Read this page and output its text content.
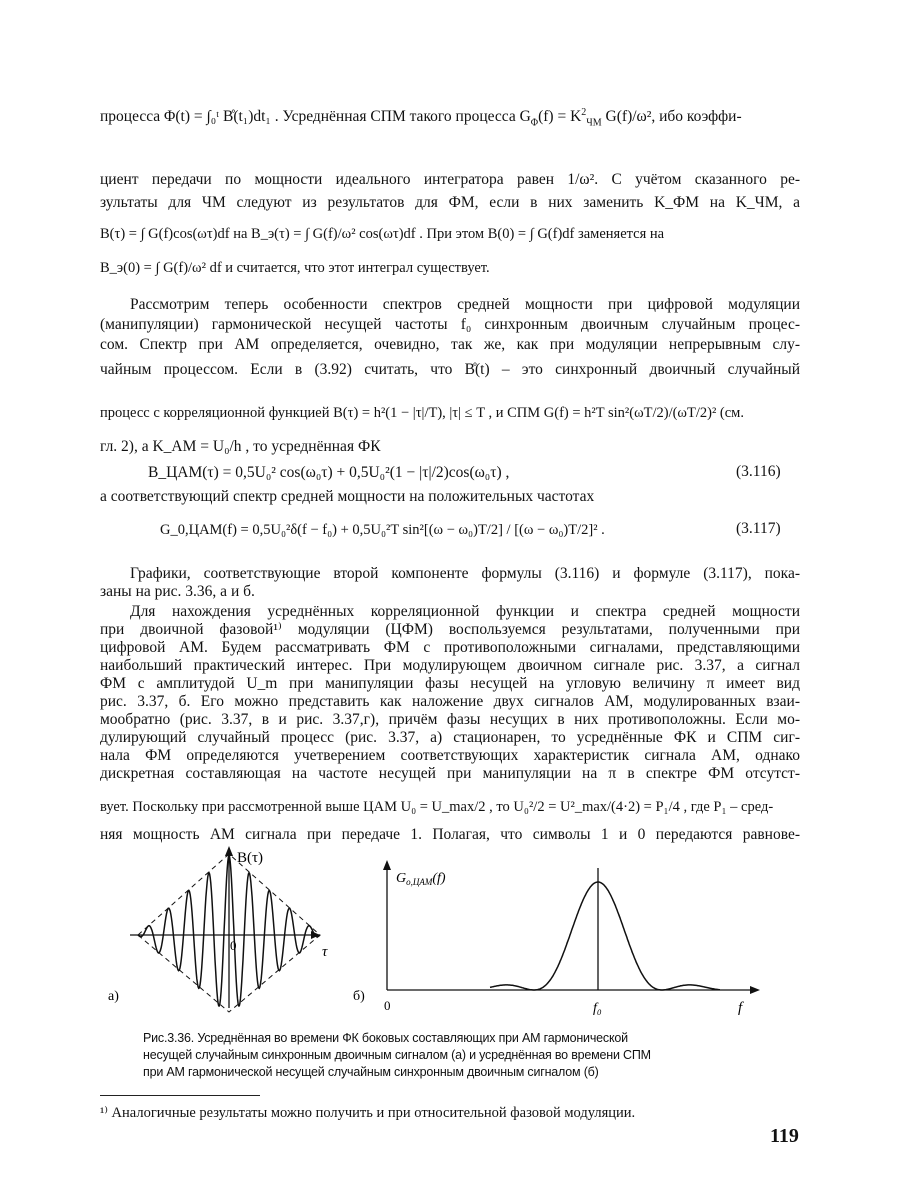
процесса Φ(t) = ∫₀ᵗ B̊(t₁)dt₁ . Усреднённая СПМ такого процесса $G_\Phi(f) = K^2_{ЧМ}$ G(f)/ω², ибо коэффи-
циент передачи по мощности идеального интегратора равен 1/ω². С учётом сказанного ре-
зультаты для ЧМ следуют из результатов для ФМ, если в них заменить K_ФМ на K_ЧМ, а
B(τ) = ∫ G(f)cos(ωτ)df на B_э(τ) = ∫ G(f)/ω² cos(ωτ)df . При этом B(0) = ∫ G(f)df заменяется на
B_э(0) = ∫ G(f)/ω² df и считается, что этот интеграл существует.
Рассмотрим теперь особенности спектров средней мощности при цифровой модуляции
(манипуляции) гармонической несущей частоты f₀ синхронным двоичным случайным процес-
сом. Спектр при АМ определяется, очевидно, так же, как при модуляции непрерывным слу-
чайным процессом. Если в (3.92) считать, что B̊(t) – это синхронный двоичный случайный
процесс с корреляционной функцией B(τ) = h²(1 − |τ|/T), |τ| ≤ T , и СПМ G(f) = h²T sin²(ωT/2)/(ωT/2)² (см.
гл. 2), а K_АМ = U₀/h , то усреднённая ФК
B_ЦАМ(τ) = 0,5U₀² cos(ω₀τ) + 0,5U₀²(1 − |τ|/2)cos(ω₀τ) ,	(3.116)
а соответствующий спектр средней мощности на положительных частотах
G_0,ЦАМ(f) = 0,5U₀²δ(f − f₀) + 0,5U₀²T sin²[(ω − ω₀)T/2] / [(ω − ω₀)T/2]² .	(3.117)
Графики, соответствующие второй компоненте формулы (3.116) и формуле (3.117), пока-
заны на рис. 3.36, а и б.
Для нахождения усреднённых корреляционной функции и спектра средней мощности
при двоичной фазовой¹⁾ модуляции (ЦФМ) воспользуемся результатами, полученными при
цифровой АМ. Будем рассматривать ФМ с противоположными сигналами, представляющими
наибольший практический интерес. При модулирующем двоичном сигнале рис. 3.37, а сигнал
ФМ с амплитудой U_m при манипуляции фазы несущей на угловую величину π имеет вид
рис. 3.37, б. Его можно представить как наложение двух сигналов АМ, модулированных взаи-
мообратно (рис. 3.37, в и рис. 3.37,г), причём фазы несущих в них противоположны. Если мо-
дулирующий случайный процесс (рис. 3.37, а) стационарен, то усреднённые ФК и СПМ сиг-
нала ФМ определяются учетверением соответствующих характеристик сигнала АМ, однако
дискретная составляющая на частоте несущей при манипуляции на π в спектре ФМ отсутст-
вует. Поскольку при рассмотренной выше ЦАМ U₀ = U_max/2 , то U₀²/2 = U²_max/(4·2) = P₁/4 , где P₁ – сред-
няя мощность АМ сигнала при передаче 1. Полагая, что символы 1 и 0 передаются равнове-
а)
B(τ)
τ
0
б)
0	f₀	f
$G_{о,ЦАМ}(f)$
Рис.3.36. Усреднённая во времени ФК боковых составляющих при АМ гармонической
несущей случайным синхронным двоичным сигналом (а) и усреднённая во времени СПМ
при АМ гармонической несущей случайным синхронным двоичным сигналом (б)
¹⁾ Аналогичные результаты можно получить и при относительной фазовой модуляции.
119
